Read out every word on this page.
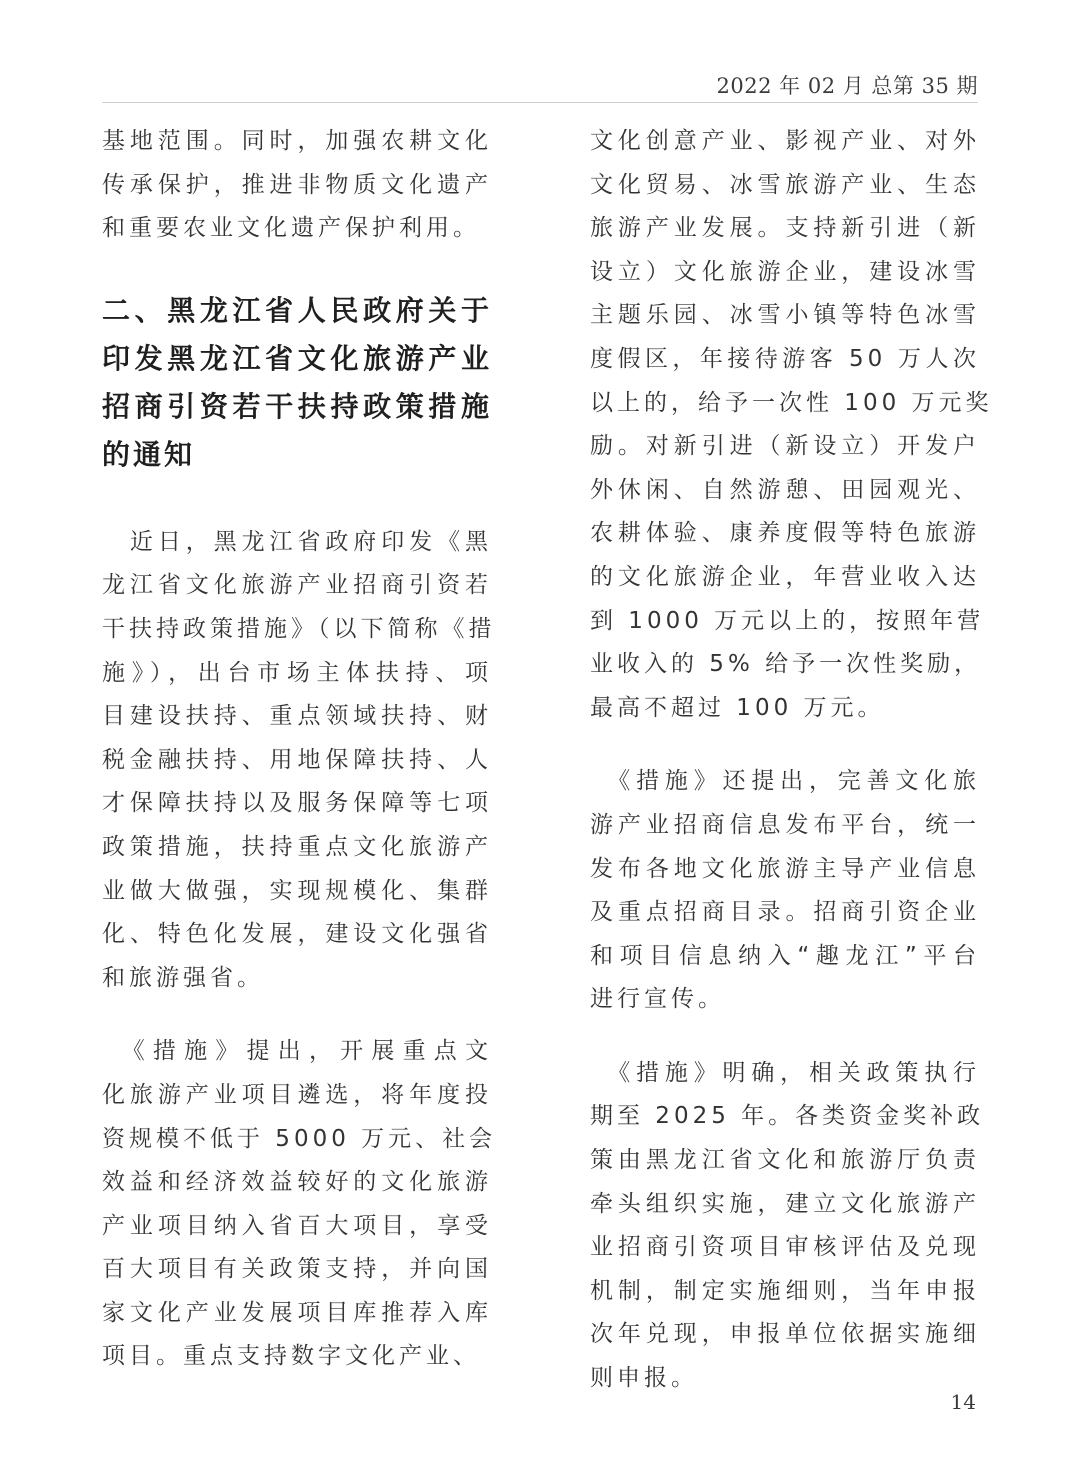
2022 年 02 月 总第 35 期
基地范围。同时，加强农耕文化
传承保护，推进非物质文化遗产
和重要农业文化遗产保护利用。
二、黑龙江省人民政府关于
印发黑龙江省文化旅游产业
招商引资若干扶持政策措施
的通知
　近日，黑龙江省政府印发《黑
龙江省文化旅游产业招商引资若
干扶持政策措施》（以下简称《措
施》），出台市场主体扶持、项
目建设扶持、重点领域扶持、财
税金融扶持、用地保障扶持、人
才保障扶持以及服务保障等七项
政策措施，扶持重点文化旅游产
业做大做强，实现规模化、集群
化、特色化发展，建设文化强省
和旅游强省。
　《措施》提出，开展重点文
化旅游产业项目遴选，将年度投
资规模不低于 5000 万元、社会
效益和经济效益较好的文化旅游
产业项目纳入省百大项目，享受
百大项目有关政策支持，并向国
家文化产业发展项目库推荐入库
项目。重点支持数字文化产业、
文化创意产业、影视产业、对外
文化贸易、冰雪旅游产业、生态
旅游产业发展。支持新引进（新
设立）文化旅游企业，建设冰雪
主题乐园、冰雪小镇等特色冰雪
度假区，年接待游客 50 万人次
以上的，给予一次性 100 万元奖
励。对新引进（新设立）开发户
外休闲、自然游憩、田园观光、
农耕体验、康养度假等特色旅游
的文化旅游企业，年营业收入达
到 1000 万元以上的，按照年营
业收入的 5% 给予一次性奖励，
最高不超过 100 万元。
　《措施》还提出，完善文化旅
游产业招商信息发布平台，统一
发布各地文化旅游主导产业信息
及重点招商目录。招商引资企业
和项目信息纳入“趣龙江”平台
进行宣传。
　《措施》明确，相关政策执行
期至 2025 年。各类资金奖补政
策由黑龙江省文化和旅游厅负责
牵头组织实施，建立文化旅游产
业招商引资项目审核评估及兑现
机制，制定实施细则，当年申报
次年兑现，申报单位依据实施细
则申报。
14
